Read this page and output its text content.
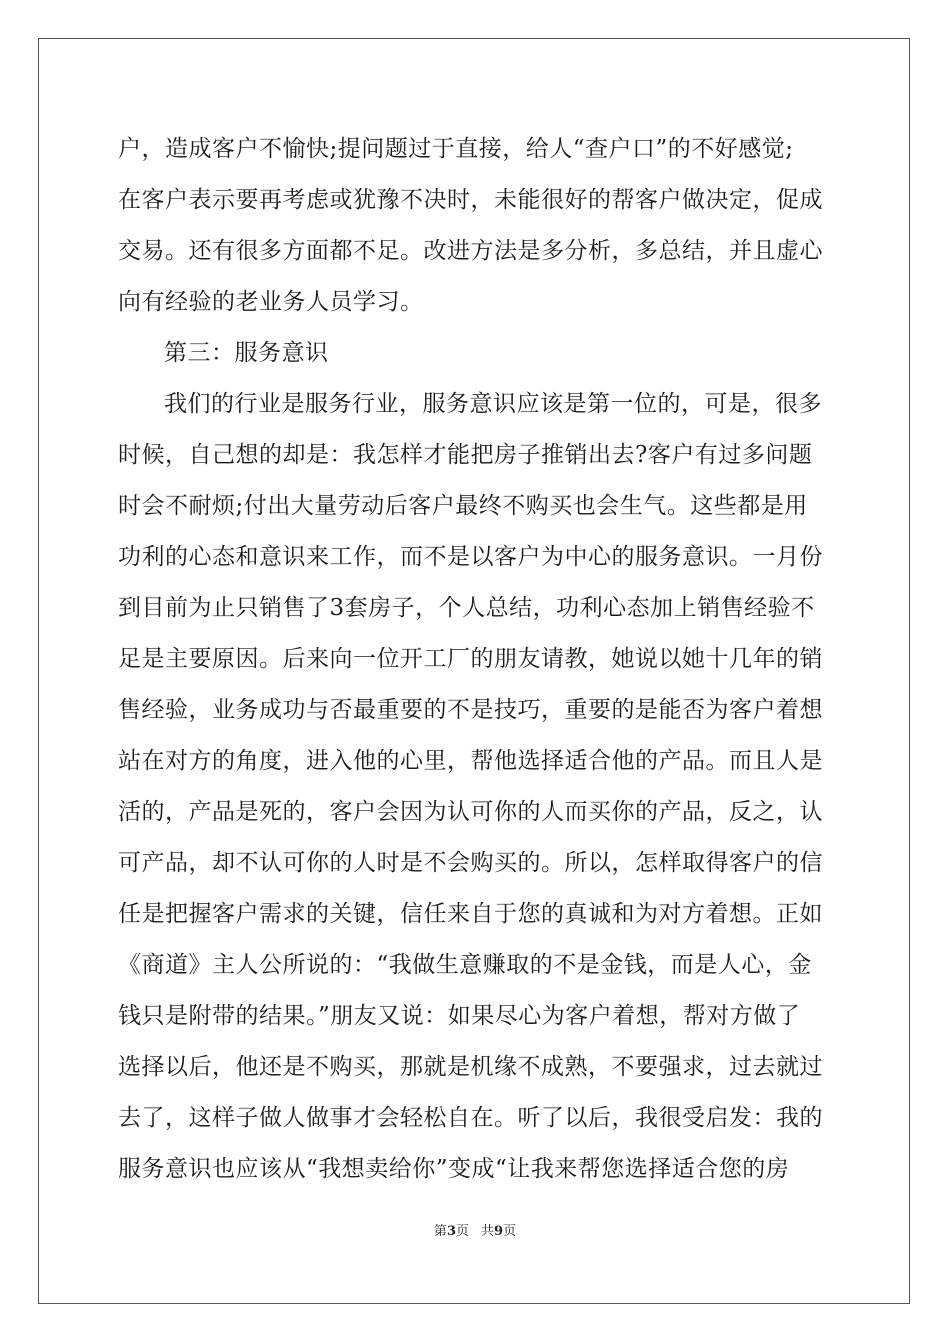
户，造成客户不愉快;提问题过于直接，给人“查户口”的不好感觉;
在客户表示要再考虑或犹豫不决时，未能很好的帮客户做决定，促成
交易。还有很多方面都不足。改进方法是多分析，多总结，并且虚心
向有经验的老业务人员学习。
第三：服务意识
我们的行业是服务行业，服务意识应该是第一位的，可是，很多
时候，自己想的却是：我怎样才能把房子推销出去?客户有过多问题
时会不耐烦;付出大量劳动后客户最终不购买也会生气。这些都是用
功利的心态和意识来工作，而不是以客户为中心的服务意识。一月份
到目前为止只销售了3套房子，个人总结，功利心态加上销售经验不
足是主要原因。后来向一位开工厂的朋友请教，她说以她十几年的销
售经验，业务成功与否最重要的不是技巧，重要的是能否为客户着想
站在对方的角度，进入他的心里，帮他选择适合他的产品。而且人是
活的，产品是死的，客户会因为认可你的人而买你的产品，反之，认
可产品，却不认可你的人时是不会购买的。所以，怎样取得客户的信
任是把握客户需求的关键，信任来自于您的真诚和为对方着想。正如
《商道》主人公所说的：“我做生意赚取的不是金钱，而是人心，金
钱只是附带的结果。”朋友又说：如果尽心为客户着想，帮对方做了
选择以后，他还是不购买，那就是机缘不成熟，不要强求，过去就过
去了，这样子做人做事才会轻松自在。听了以后，我很受启发：我的
服务意识也应该从“我想卖给你”变成“让我来帮您选择适合您的房
第3页 共9页
